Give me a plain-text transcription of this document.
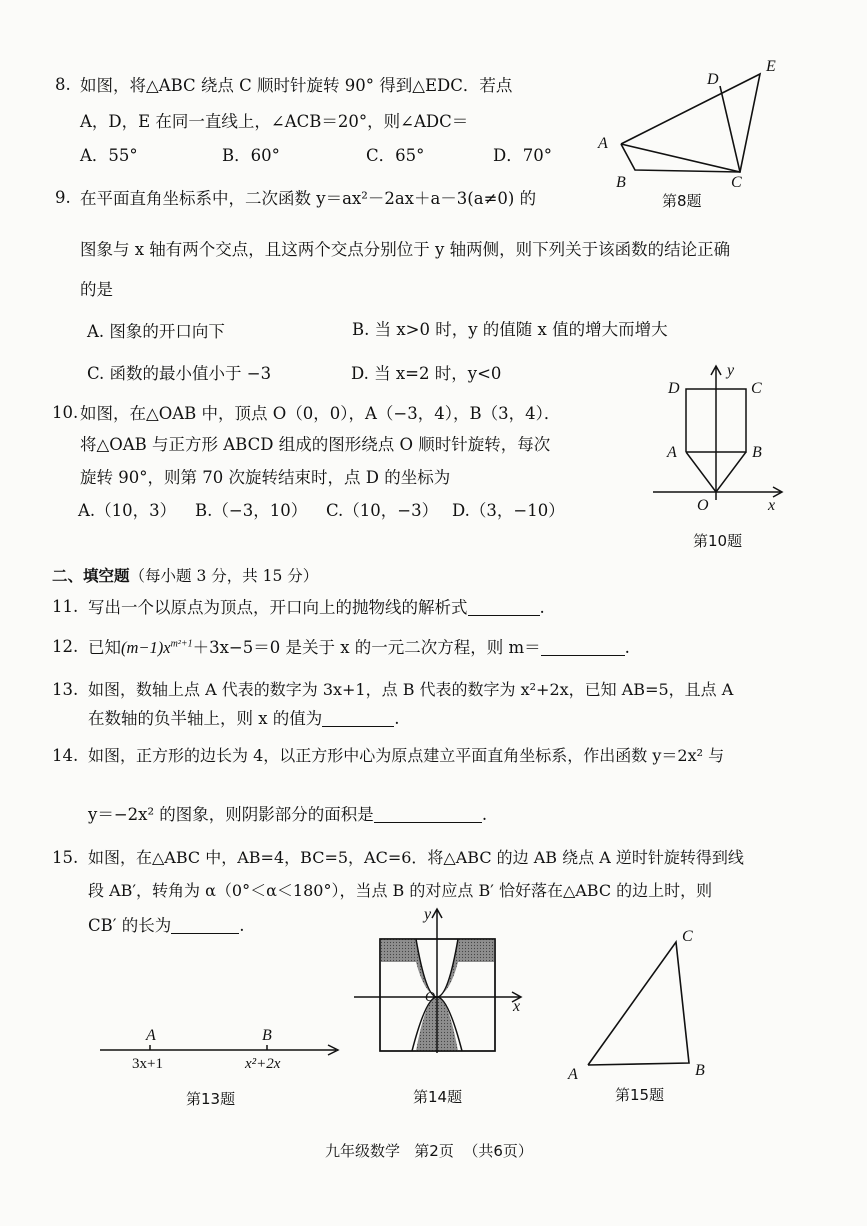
8. 如图，将△ABC 绕点 C 顺时针旋转 90° 得到△EDC．若点
A，D，E 在同一直线上，∠ACB＝20°，则∠ADC＝
A．55°	B．60°	C．65°	D．70°
D
E
A
B	C
第8题
9. 在平面直角坐标系中，二次函数 y＝ax²－2ax＋a－3(a≠0) 的
图象与 x 轴有两个交点，且这两个交点分别位于 y 轴两侧，则下列关于该函数的结论正确
的是
A. 图象的开口向下	B. 当 x>0 时，y 的值随 x 值的增大而增大
C. 函数的最小值小于 −3	D. 当 x=2 时，y<0
10. 如图，在△OAB 中，顶点 O（0，0），A（−3，4），B（3，4）．
将△OAB 与正方形 ABCD 组成的图形绕点 O 顺时针旋转，每次
旋转 90°，则第 70 次旋转结束时，点 D 的坐标为
A.（10，3） B.（−3，10） C.（10，−3） D.（3，−10）
y
D	C
A	B
O	x
第10题
二、填空题（每小题 3 分，共 15 分）
11. 写出一个以原点为顶点，开口向上的抛物线的解析式	.
12. 已知$(m-1)x^{m^2+1}+3x-5=0$ 是关于 x 的一元二次方程，则 m＝	.
13. 如图，数轴上点 A 代表的数字为 3x+1，点 B 代表的数字为 x²+2x，已知 AB=5，且点 A
在数轴的负半轴上，则 x 的值为	.
14. 如图，正方形的边长为 4，以正方形中心为原点建立平面直角坐标系，作出函数 y＝2x² 与
y＝−2x² 的图象，则阴影部分的面积是	.
15. 如图，在△ABC 中，AB=4，BC=5，AC=6．将△ABC 的边 AB 绕点 A 逆时针旋转得到线
段 AB′，转角为 α（0°＜α＜180°），当点 B 的对应点 B′ 恰好落在△ABC 的边上时，则
CB′ 的长为	.
A	B
3x+1	x²+2x
第13题
y
x
O
第14题
C
A	B
第15题
九年级数学   第2页  （共6页）
